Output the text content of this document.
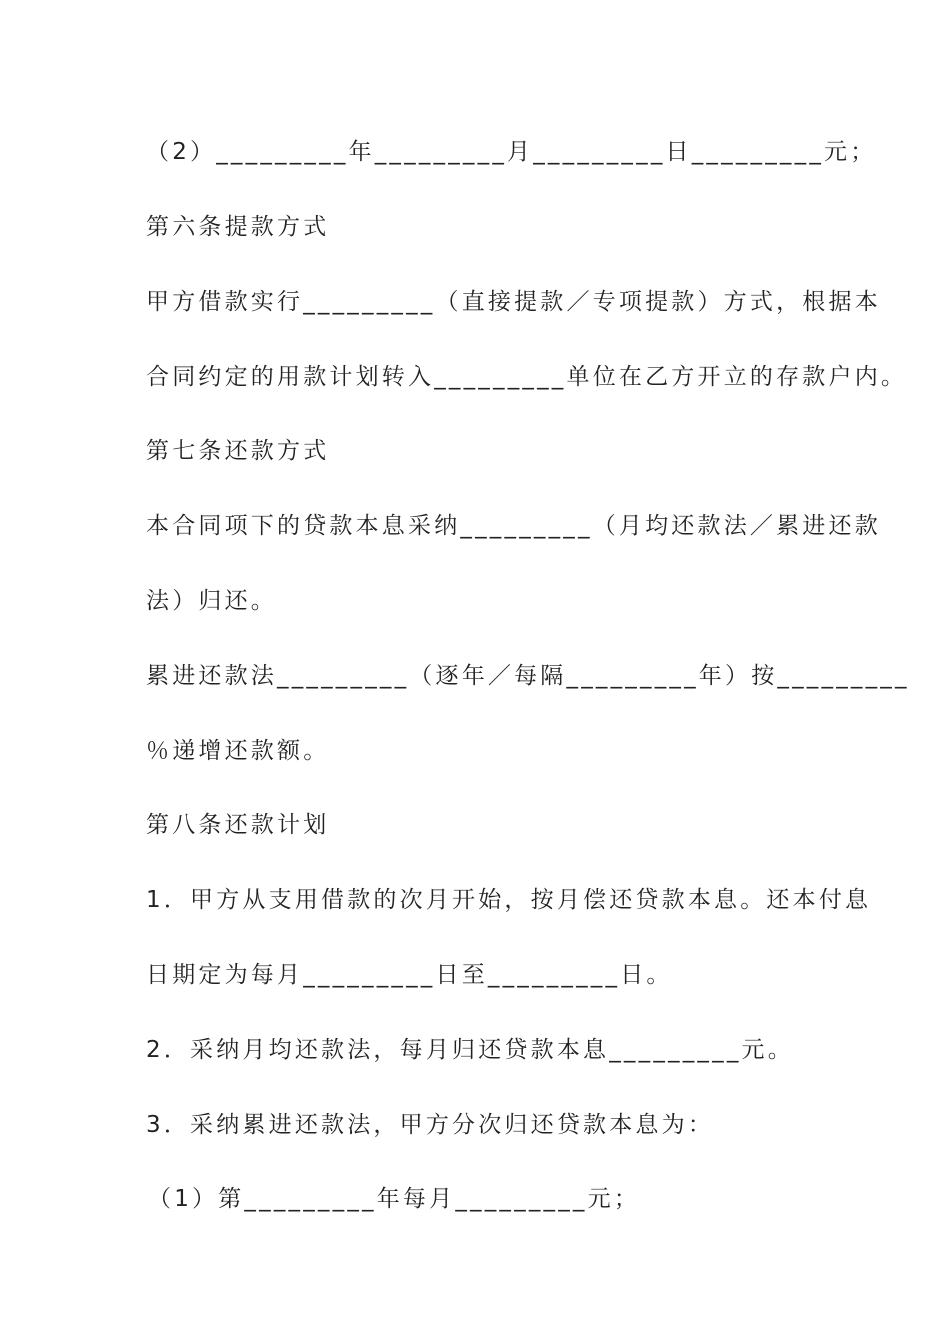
（2）_________年_________月_________日_________元；
第六条提款方式
甲方借款实行_________（直接提款／专项提款）方式，根据本
合同约定的用款计划转入_________单位在乙方开立的存款户内。
第七条还款方式
本合同项下的贷款本息采纳_________（月均还款法／累进还款
法）归还。
累进还款法_________（逐年／每隔_________年）按_________
％递增还款额。
第八条还款计划
1．甲方从支用借款的次月开始，按月偿还贷款本息。还本付息
日期定为每月_________日至_________日。
2．采纳月均还款法，每月归还贷款本息_________元。
3．采纳累进还款法，甲方分次归还贷款本息为：
（1）第_________年每月_________元；
